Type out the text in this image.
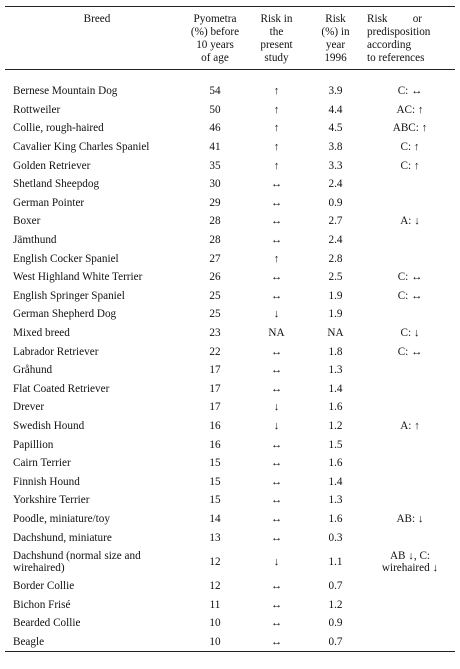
Breed	Pyometra
(%) before
10 years
of age	Risk in
the
present
study	Risk
(%) in
year
1996	Risk         or
predisposition
according
to references

Bernese Mountain Dog	54	↑	3.9	C: ↔
Rottweiler	50	↑	4.4	AC: ↑
Collie, rough-haired	46	↑	4.5	ABC: ↑
Cavalier King Charles Spaniel	41	↑	3.8	C: ↑
Golden Retriever	35	↑	3.3	C: ↑
Shetland Sheepdog	30	↔	2.4	
German Pointer	29	↔	0.9	
Boxer	28	↔	2.7	A: ↓
Jämthund	28	↔	2.4	
English Cocker Spaniel	27	↑	2.8	
West Highland White Terrier	26	↔	2.5	C: ↔
English Springer Spaniel	25	↔	1.9	C: ↔
German Shepherd Dog	25	↓	1.9	
Mixed breed	23	NA	NA	C: ↓
Labrador Retriever	22	↔	1.8	C: ↔
Gråhund	17	↔	1.3	
Flat Coated Retriever	17	↔	1.4	
Drever	17	↓	1.6	
Swedish Hound	16	↓	1.2	A: ↑
Papillion	16	↔	1.5	
Cairn Terrier	15	↔	1.6	
Finnish Hound	15	↔	1.4	
Yorkshire Terrier	15	↔	1.3	
Poodle, miniature/toy	14	↔	1.6	AB: ↓
Dachshund, miniature	13	↔	0.3	
Dachshund (normal size and wirehaired)	12	↓	1.1	AB ↓, C: wirehaired ↓
Border Collie	12	↔	0.7	
Bichon Frisé	11	↔	1.2	
Bearded Collie	10	↔	0.9	
Beagle	10	↔	0.7	
